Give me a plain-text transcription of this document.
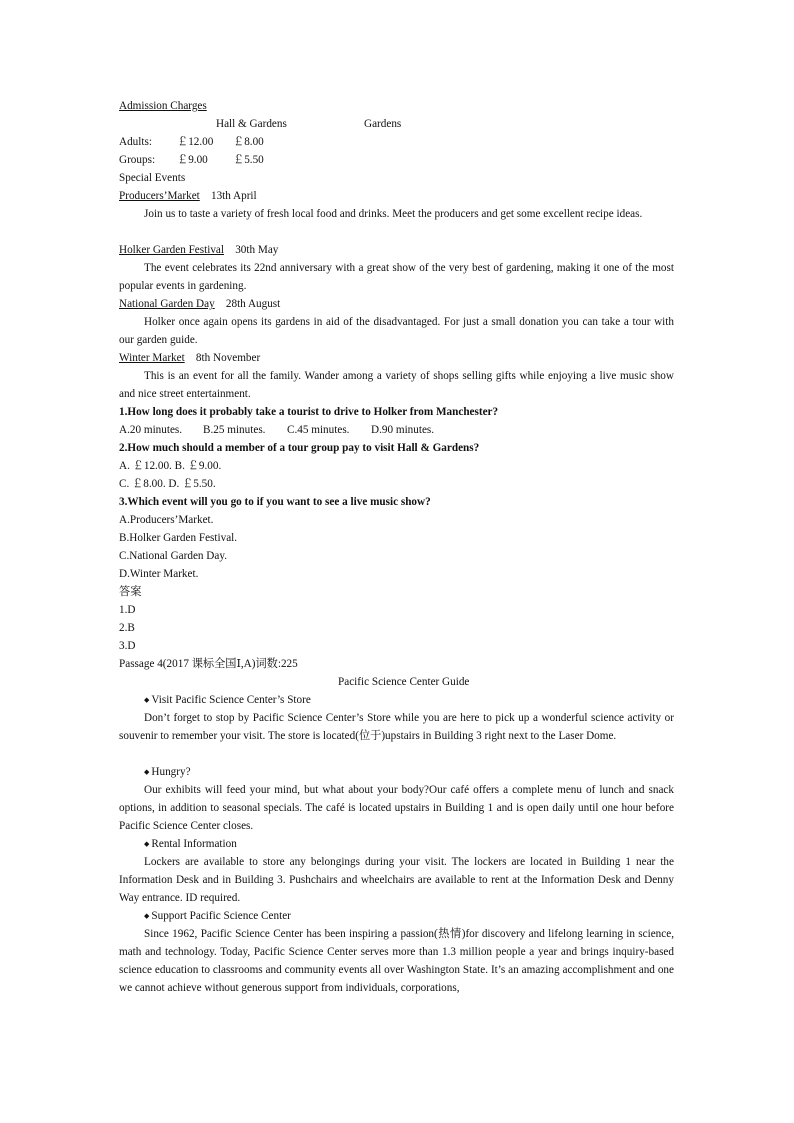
Admission Charges
Hall & Gardens	Gardens
Adults: ￡12.00 ￡8.00
Groups: ￡9.00 ￡5.50
Special Events
Producers’Market 13th April
Join us to taste a variety of fresh local food and drinks. Meet the producers and get some excellent recipe ideas.
Holker Garden Festival 30th May
The event celebrates its 22nd anniversary with a great show of the very best of gardening, making it one of the most popular events in gardening.
National Garden Day 28th August
Holker once again opens its gardens in aid of the disadvantaged. For just a small donation you can take a tour with our garden guide.
Winter Market 8th November
This is an event for all the family. Wander among a variety of shops selling gifts while enjoying a live music show and nice street entertainment.
1.How long does it probably take a tourist to drive to Holker from Manchester?
A.20 minutes. B.25 minutes. C.45 minutes. D.90 minutes.
2.How much should a member of a tour group pay to visit Hall & Gardens?
A. ￡12.00. B. ￡9.00.
C. ￡8.00. D. ￡5.50.
3.Which event will you go to if you want to see a live music show?
A.Producers’Market.
B.Holker Garden Festival.
C.National Garden Day.
D.Winter Market.
答案
1.D
2.B
3.D
Passage 4(2017 课标全国Ⅰ,A)词数:225
Pacific Science Center Guide
◆ Visit Pacific Science Center’s Store
Don’t forget to stop by Pacific Science Center’s Store while you are here to pick up a wonderful science activity or souvenir to remember your visit. The store is located(位于)upstairs in Building 3 right next to the Laser Dome.
◆ Hungry?
Our exhibits will feed your mind, but what about your body?Our café offers a complete menu of lunch and snack options, in addition to seasonal specials. The café is located upstairs in Building 1 and is open daily until one hour before Pacific Science Center closes.
◆ Rental Information
Lockers are available to store any belongings during your visit. The lockers are located in Building 1 near the Information Desk and in Building 3. Pushchairs and wheelchairs are available to rent at the Information Desk and Denny Way entrance. ID required.
◆ Support Pacific Science Center
Since 1962, Pacific Science Center has been inspiring a passion(热情)for discovery and lifelong learning in science, math and technology. Today, Pacific Science Center serves more than 1.3 million people a year and brings inquiry-based science education to classrooms and community events all over Washington State. It’s an amazing accomplishment and one we cannot achieve without generous support from individuals, corporations,
